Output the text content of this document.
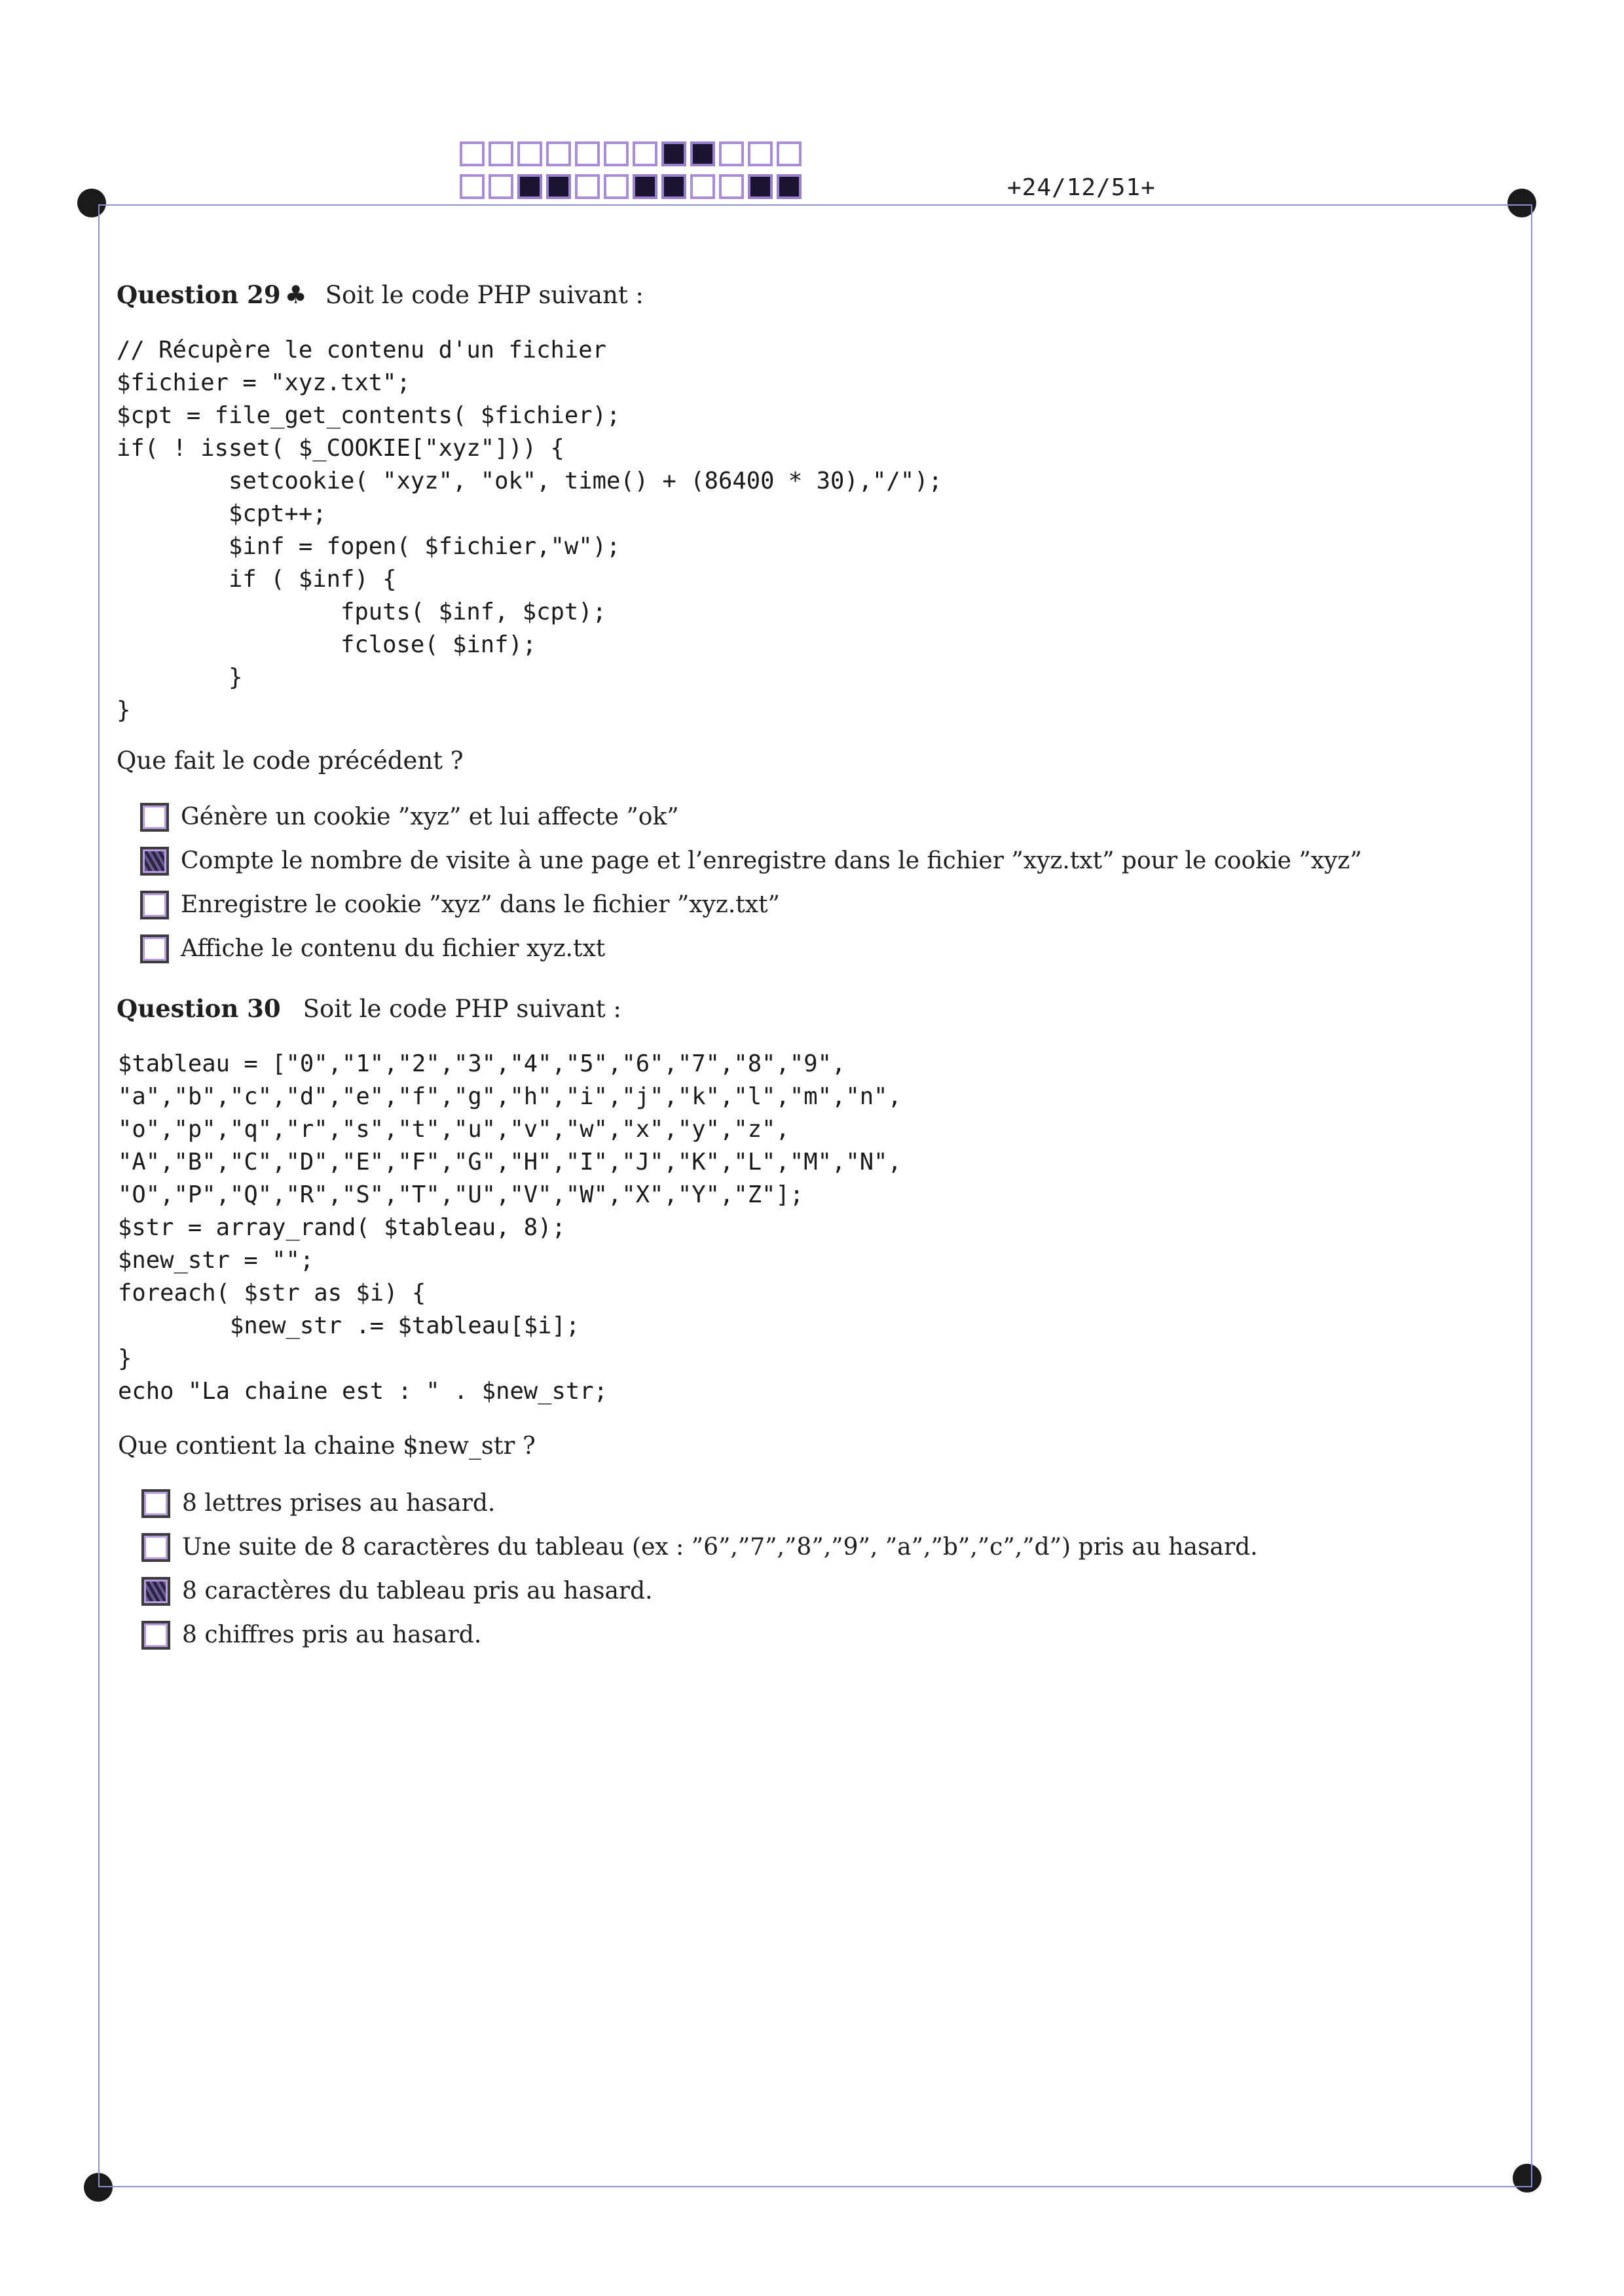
+24/12/51+
Question 29 ♣ Soit le code PHP suivant :
// Récupère le contenu d'un fichier
$fichier = "xyz.txt";
$cpt = file_get_contents( $fichier);
if( ! isset( $_COOKIE["xyz"])) {
setcookie( "xyz", "ok", time() + (86400 * 30),"/");
$cpt++;
$inf = fopen( $fichier,"w");
if ( $inf) {
fputs( $inf, $cpt);
fclose( $inf);
}
}
Que fait le code précédent ?
Génère un cookie ”xyz” et lui affecte ”ok”
Compte le nombre de visite à une page et l’enregistre dans le fichier ”xyz.txt” pour le cookie ”xyz”
Enregistre le cookie ”xyz” dans le fichier ”xyz.txt”
Affiche le contenu du fichier xyz.txt
Question 30 Soit le code PHP suivant :
$tableau = ["0","1","2","3","4","5","6","7","8","9",
"a","b","c","d","e","f","g","h","i","j","k","l","m","n",
"o","p","q","r","s","t","u","v","w","x","y","z",
"A","B","C","D","E","F","G","H","I","J","K","L","M","N",
"O","P","Q","R","S","T","U","V","W","X","Y","Z"];
$str = array_rand( $tableau, 8);
$new_str = "";
foreach( $str as $i) {
$new_str .= $tableau[$i];
}
echo "La chaine est : " . $new_str;
Que contient la chaine $new_str ?
8 lettres prises au hasard.
Une suite de 8 caractères du tableau (ex : ”6”,”7”,”8”,”9”, ”a”,”b”,”c”,”d”) pris au hasard.
8 caractères du tableau pris au hasard.
8 chiffres pris au hasard.
